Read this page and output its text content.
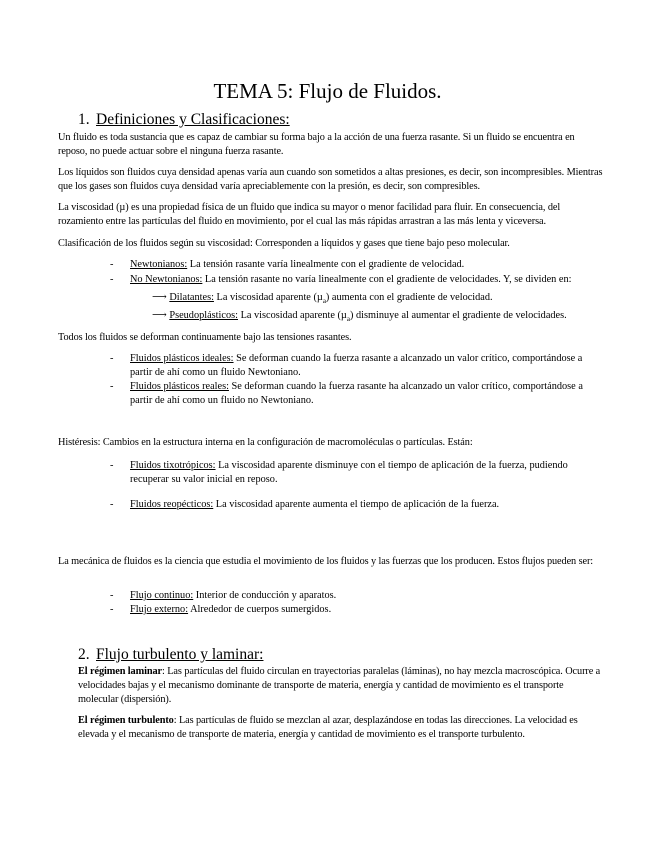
TEMA 5: Flujo de Fluidos.
1. Definiciones y Clasificaciones:
Un fluido es toda sustancia que es capaz de cambiar su forma bajo a la acción de una fuerza rasante. Si un fluido se encuentra en reposo, no puede actuar sobre el ninguna fuerza rasante.
Los líquidos son fluidos cuya densidad apenas varía aun cuando son sometidos a altas presiones, es decir, son incompresibles. Mientras que los gases son fluidos cuya densidad varía apreciablemente con la presión, es decir, son compresibles.
La viscosidad (µ) es una propiedad física de un fluido que indica su mayor o menor facilidad para fluir. En consecuencia, del rozamiento entre las partículas del fluido en movimiento, por el cual las más rápidas arrastran a las más lenta y viceversa.
Clasificación de los fluidos según su viscosidad: Corresponden a líquidos y gases que tiene bajo peso molecular.
- Newtonianos: La tensión rasante varía linealmente con el gradiente de velocidad.
- No Newtonianos: La tensión rasante no varía linealmente con el gradiente de velocidades. Y, se dividen en:
⟶ Dilatantes: La viscosidad aparente (µ$_a$) aumenta con el gradiente de velocidad.
⟶ Pseudoplásticos: La viscosidad aparente (µ$_a$) disminuye al aumentar el gradiente de velocidades.
Todos los fluidos se deforman continuamente bajo las tensiones rasantes.
- Fluidos plásticos ideales: Se deforman cuando la fuerza rasante a alcanzado un valor crítico, comportándose a partir de ahí como un fluido Newtoniano.
- Fluidos plásticos reales: Se deforman cuando la fuerza rasante ha alcanzado un valor crítico, comportándose a partir de ahí como un fluido no Newtoniano.
Histéresis: Cambios en la estructura interna en la configuración de macromoléculas o partículas. Están:
- Fluidos tixotrópicos: La viscosidad aparente disminuye con el tiempo de aplicación de la fuerza, pudiendo recuperar su valor inicial en reposo.
- Fluidos reopécticos: La viscosidad aparente aumenta el tiempo de aplicación de la fuerza.
La mecánica de fluidos es la ciencia que estudia el movimiento de los fluidos y las fuerzas que los producen. Estos flujos pueden ser:
- Flujo continuo: Interior de conducción y aparatos.
- Flujo externo: Alrededor de cuerpos sumergidos.
2. Flujo turbulento y laminar:
El régimen laminar: Las partículas del fluido circulan en trayectorias paralelas (láminas), no hay mezcla macroscópica. Ocurre a velocidades bajas y el mecanismo dominante de transporte de materia, energía y cantidad de movimiento es el transporte molecular (dispersión).
El régimen turbulento: Las partículas de fluido se mezclan al azar, desplazándose en todas las direcciones. La velocidad es elevada y el mecanismo de transporte de materia, energía y cantidad de movimiento es el transporte turbulento.
